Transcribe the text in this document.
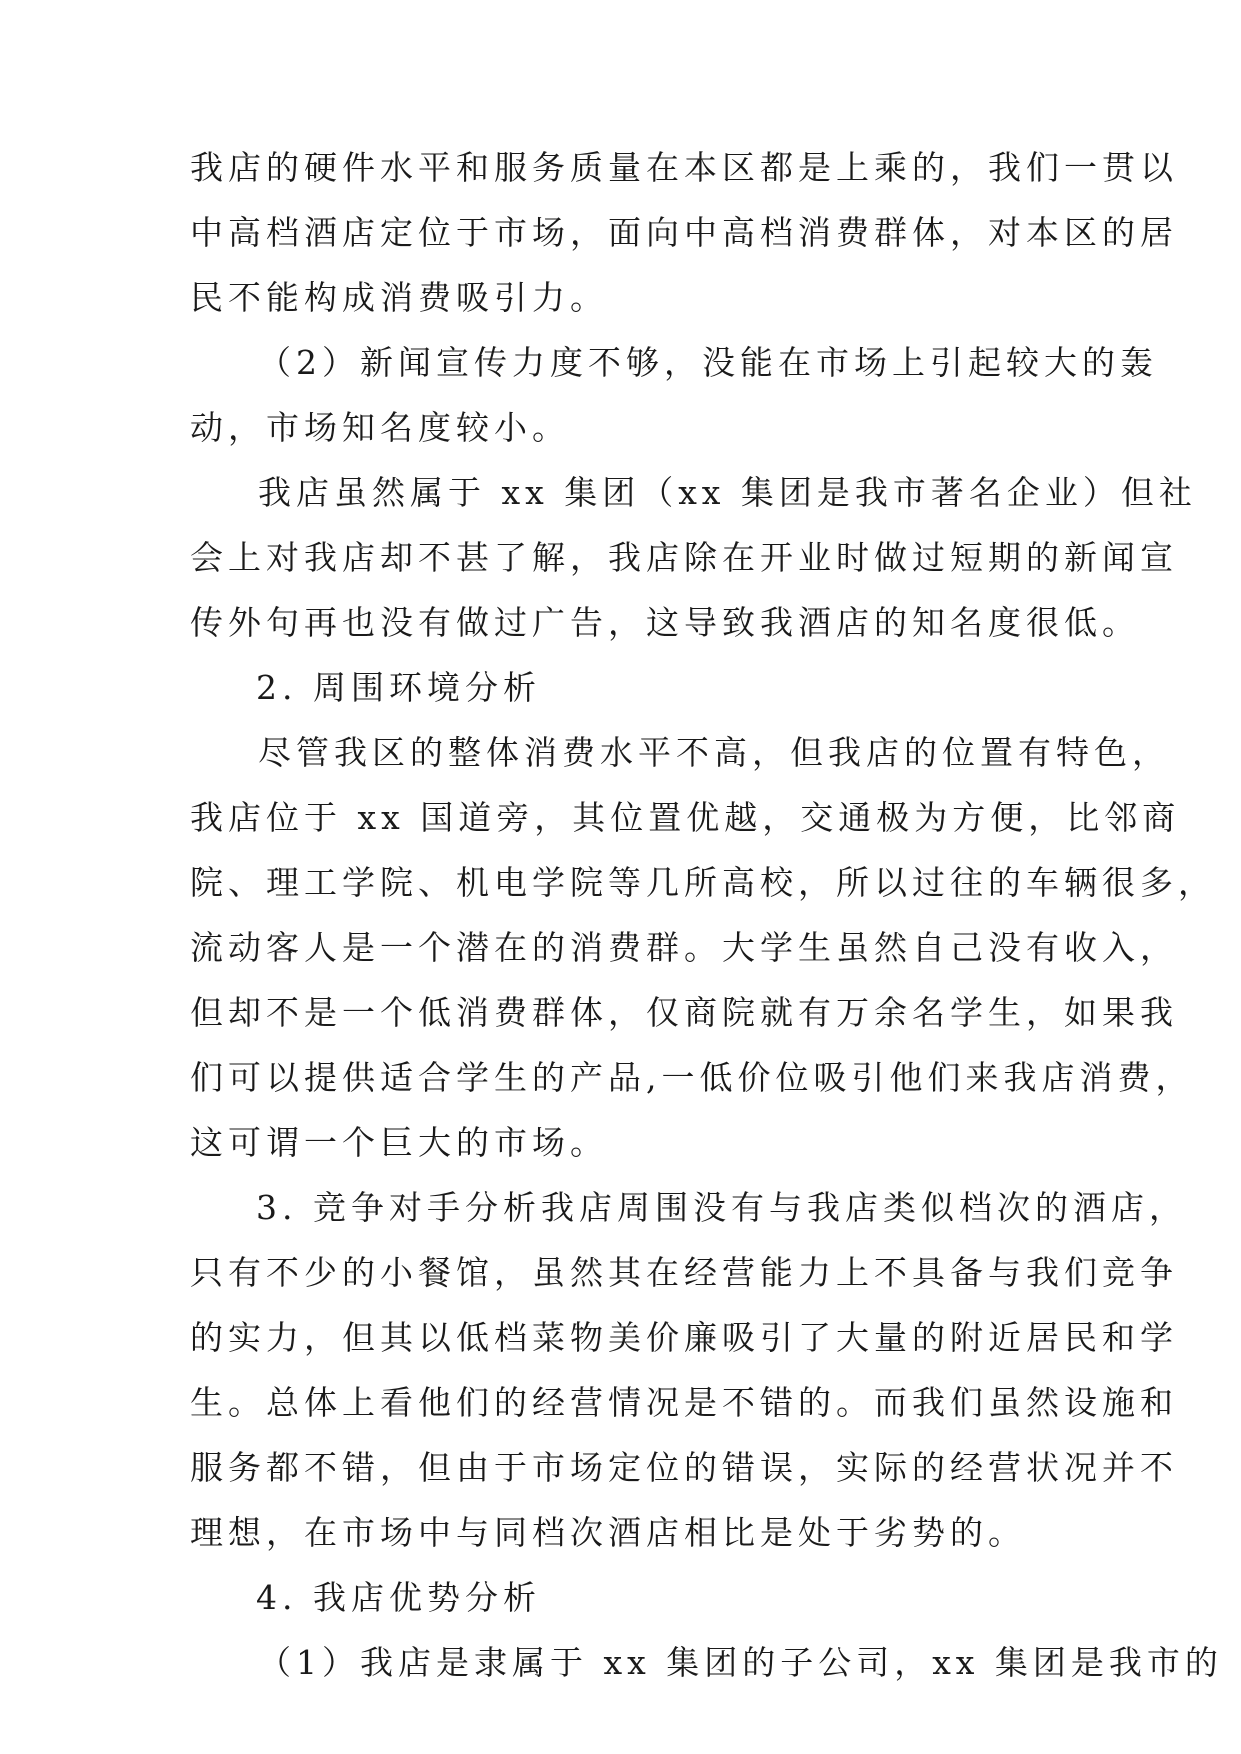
我店的硬件水平和服务质量在本区都是上乘的，我们一贯以
中高档酒店定位于市场，面向中高档消费群体，对本区的居
民不能构成消费吸引力。
（2）新闻宣传力度不够，没能在市场上引起较大的轰
动，市场知名度较小。
我店虽然属于 xx 集团（xx 集团是我市著名企业）但社
会上对我店却不甚了解，我店除在开业时做过短期的新闻宣
传外句再也没有做过广告，这导致我酒店的知名度很低。
2. 周围环境分析
尽管我区的整体消费水平不高，但我店的位置有特色，
我店位于 xx 国道旁，其位置优越，交通极为方便，比邻商
院、理工学院、机电学院等几所高校，所以过往的车辆很多，
流动客人是一个潜在的消费群。大学生虽然自己没有收入，
但却不是一个低消费群体，仅商院就有万余名学生，如果我
们可以提供适合学生的产品,一低价位吸引他们来我店消费，
这可谓一个巨大的市场。
3. 竞争对手分析我店周围没有与我店类似档次的酒店，
只有不少的小餐馆，虽然其在经营能力上不具备与我们竞争
的实力，但其以低档菜物美价廉吸引了大量的附近居民和学
生。总体上看他们的经营情况是不错的。而我们虽然设施和
服务都不错，但由于市场定位的错误，实际的经营状况并不
理想，在市场中与同档次酒店相比是处于劣势的。
4. 我店优势分析
（1）我店是隶属于 xx 集团的子公司，xx 集团是我市的
